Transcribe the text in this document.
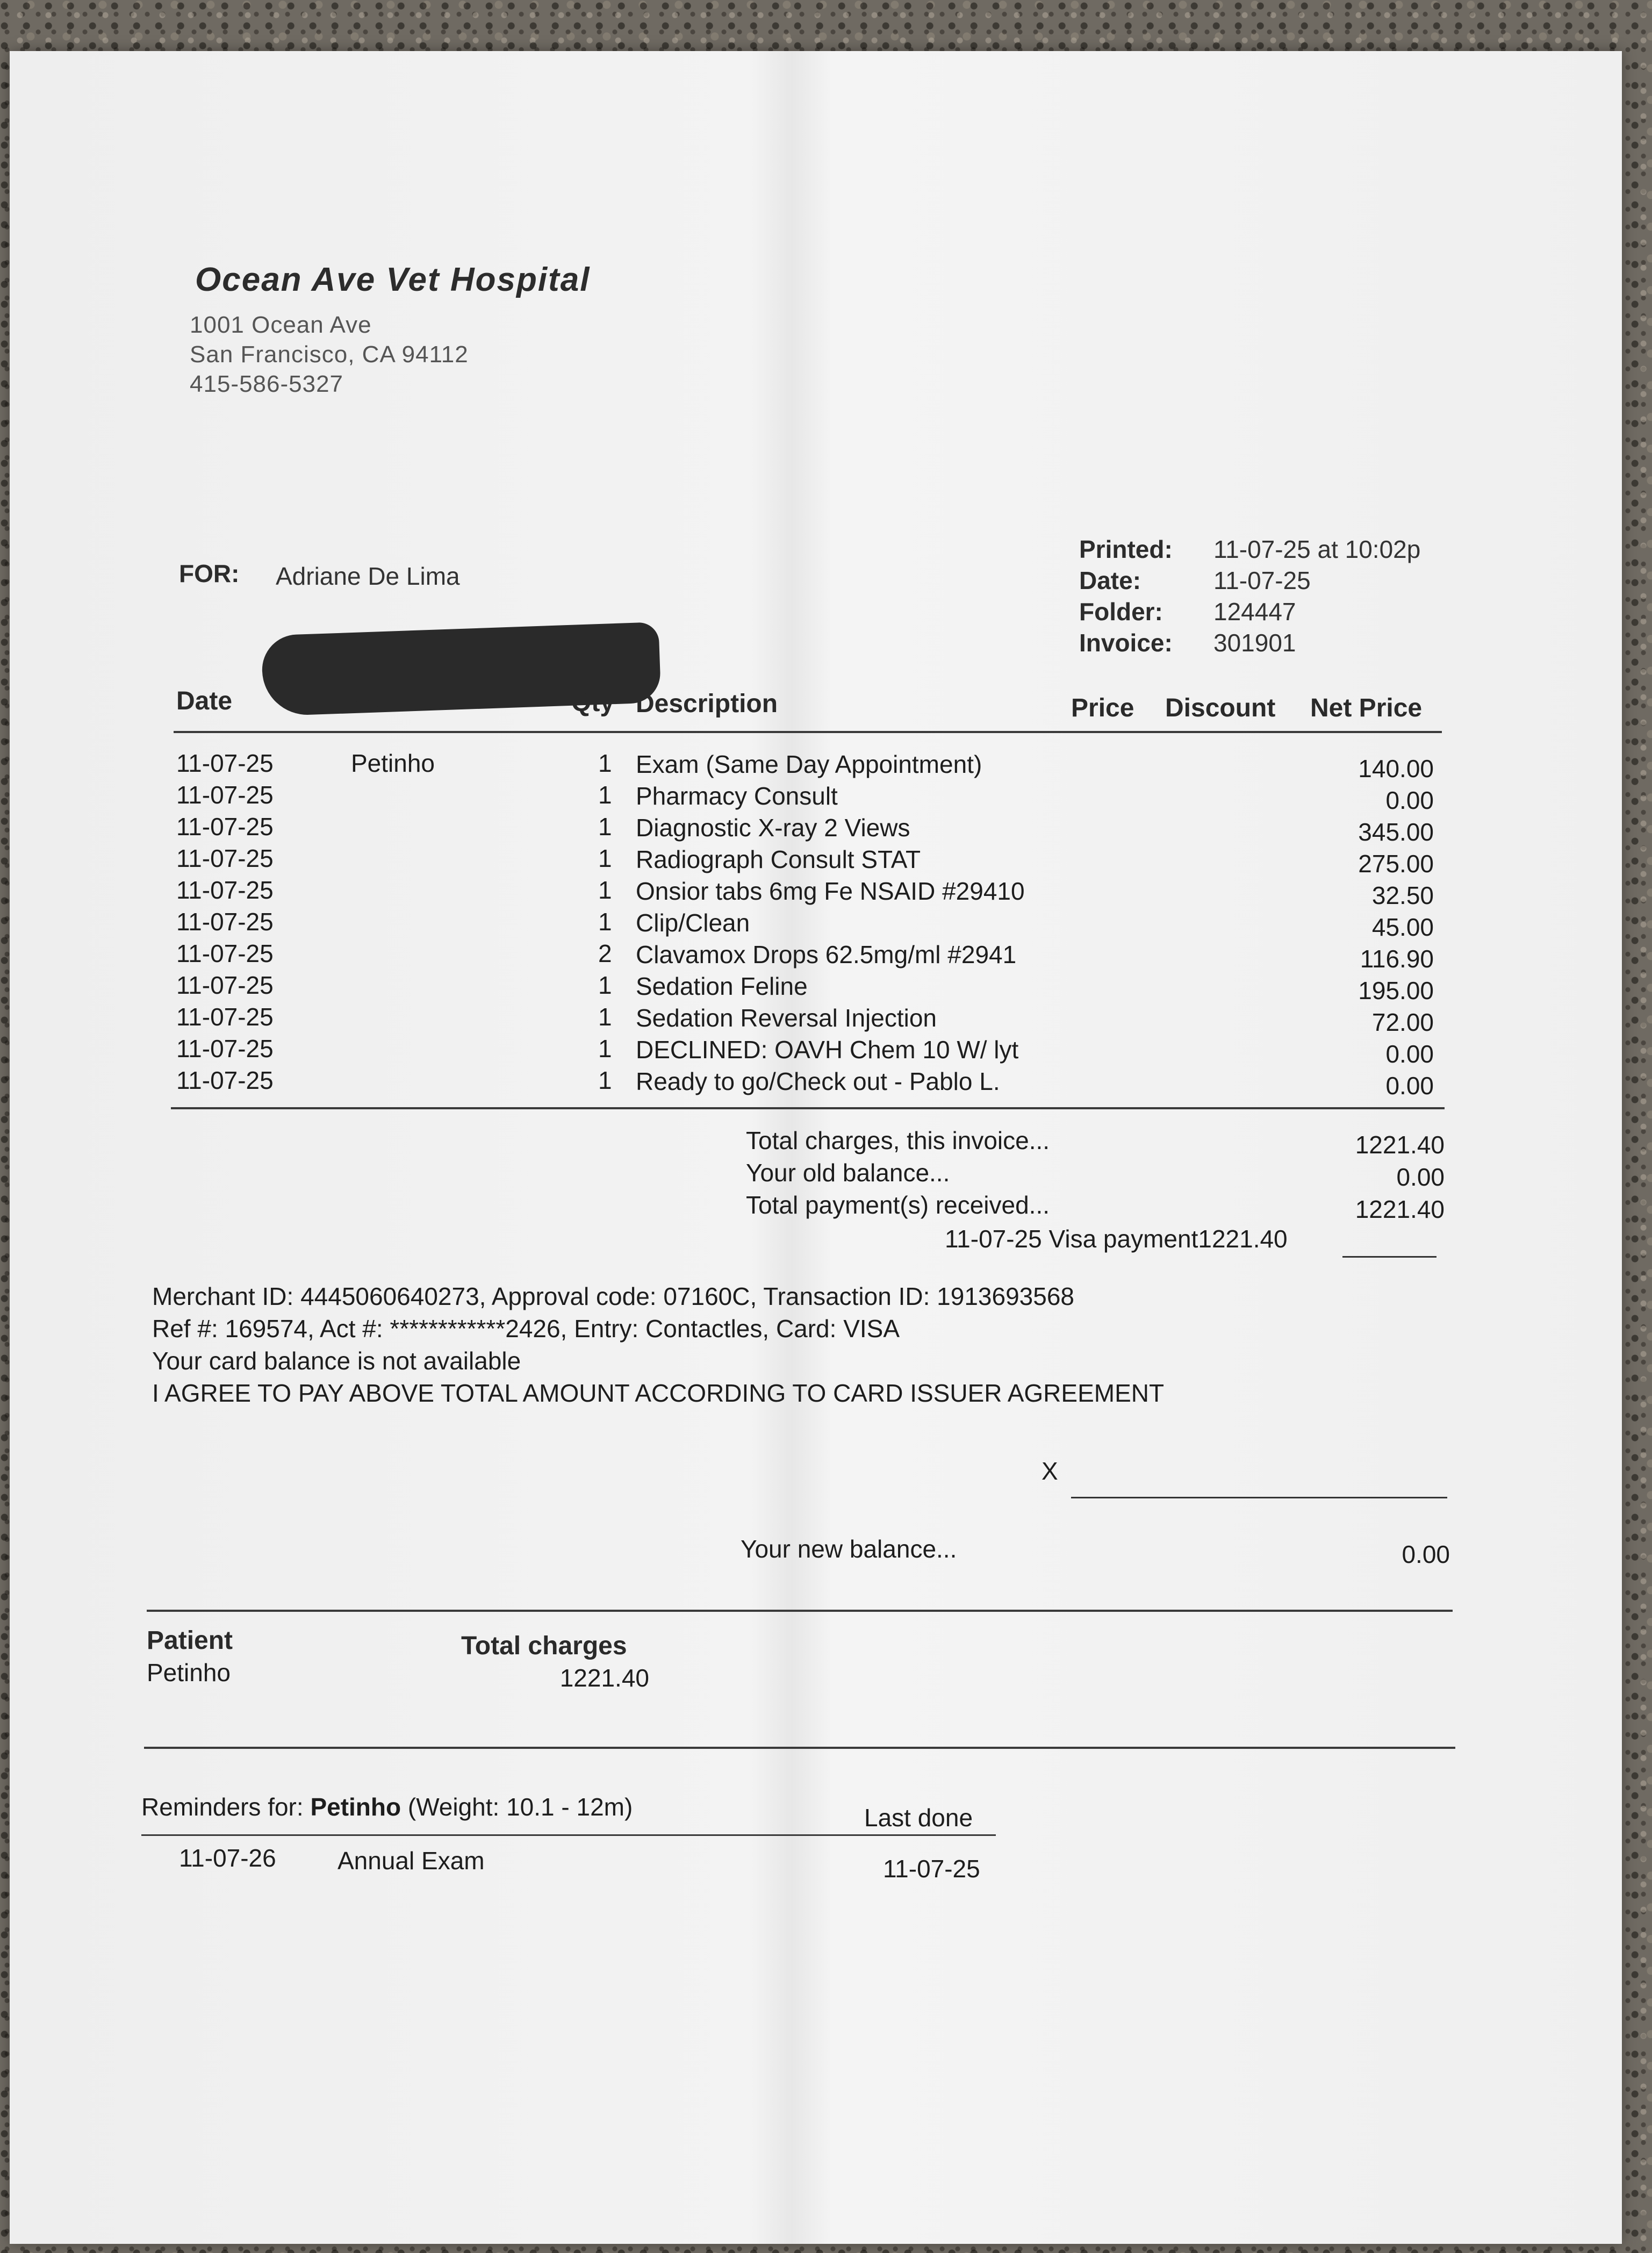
Ocean Ave Vet Hospital
1001 Ocean Ave
San Francisco, CA 94112
415-586-5327
FOR: Adriane De Lima
Printed: 11-07-25 at 10:02p
Date:	11-07-25
Folder: 124447
Invoice: 301901
Date	For	Qty Description	Price Discount Net Price
11-07-25	Petinho	1 Exam (Same Day Appointment)	140.00
11-07-25	1 Pharmacy Consult	0.00
11-07-25	1 Diagnostic X-ray 2 Views	345.00
11-07-25	1 Radiograph Consult STAT	275.00
11-07-25	1 Onsior tabs 6mg Fe NSAID #29410	32.50
11-07-25	1 Clip/Clean	45.00
11-07-25	2 Clavamox Drops 62.5mg/ml #2941	116.90
11-07-25	1 Sedation Feline	195.00
11-07-25	1 Sedation Reversal Injection	72.00
11-07-25	1 DECLINED: OAVH Chem 10 W/ lyt	0.00
11-07-25	1 Ready to go/Check out - Pablo L.	0.00
Total charges, this invoice...	1221.40
Your old balance...	0.00
Total payment(s) received...	1221.40
11-07-25 Visa payment1221.40
Merchant ID: 4445060640273, Approval code: 07160C, Transaction ID: 1913693568
Ref #: 169574, Act #: ************2426, Entry: Contactles, Card: VISA
Your card balance is not available
I AGREE TO PAY ABOVE TOTAL AMOUNT ACCORDING TO CARD ISSUER AGREEMENT
X
Your new balance...	0.00
Patient
Petinho
Total charges
1221.40
Reminders for: Petinho (Weight: 10.1 - 12m)	Last done
11-07-26 Annual Exam	11-07-25
